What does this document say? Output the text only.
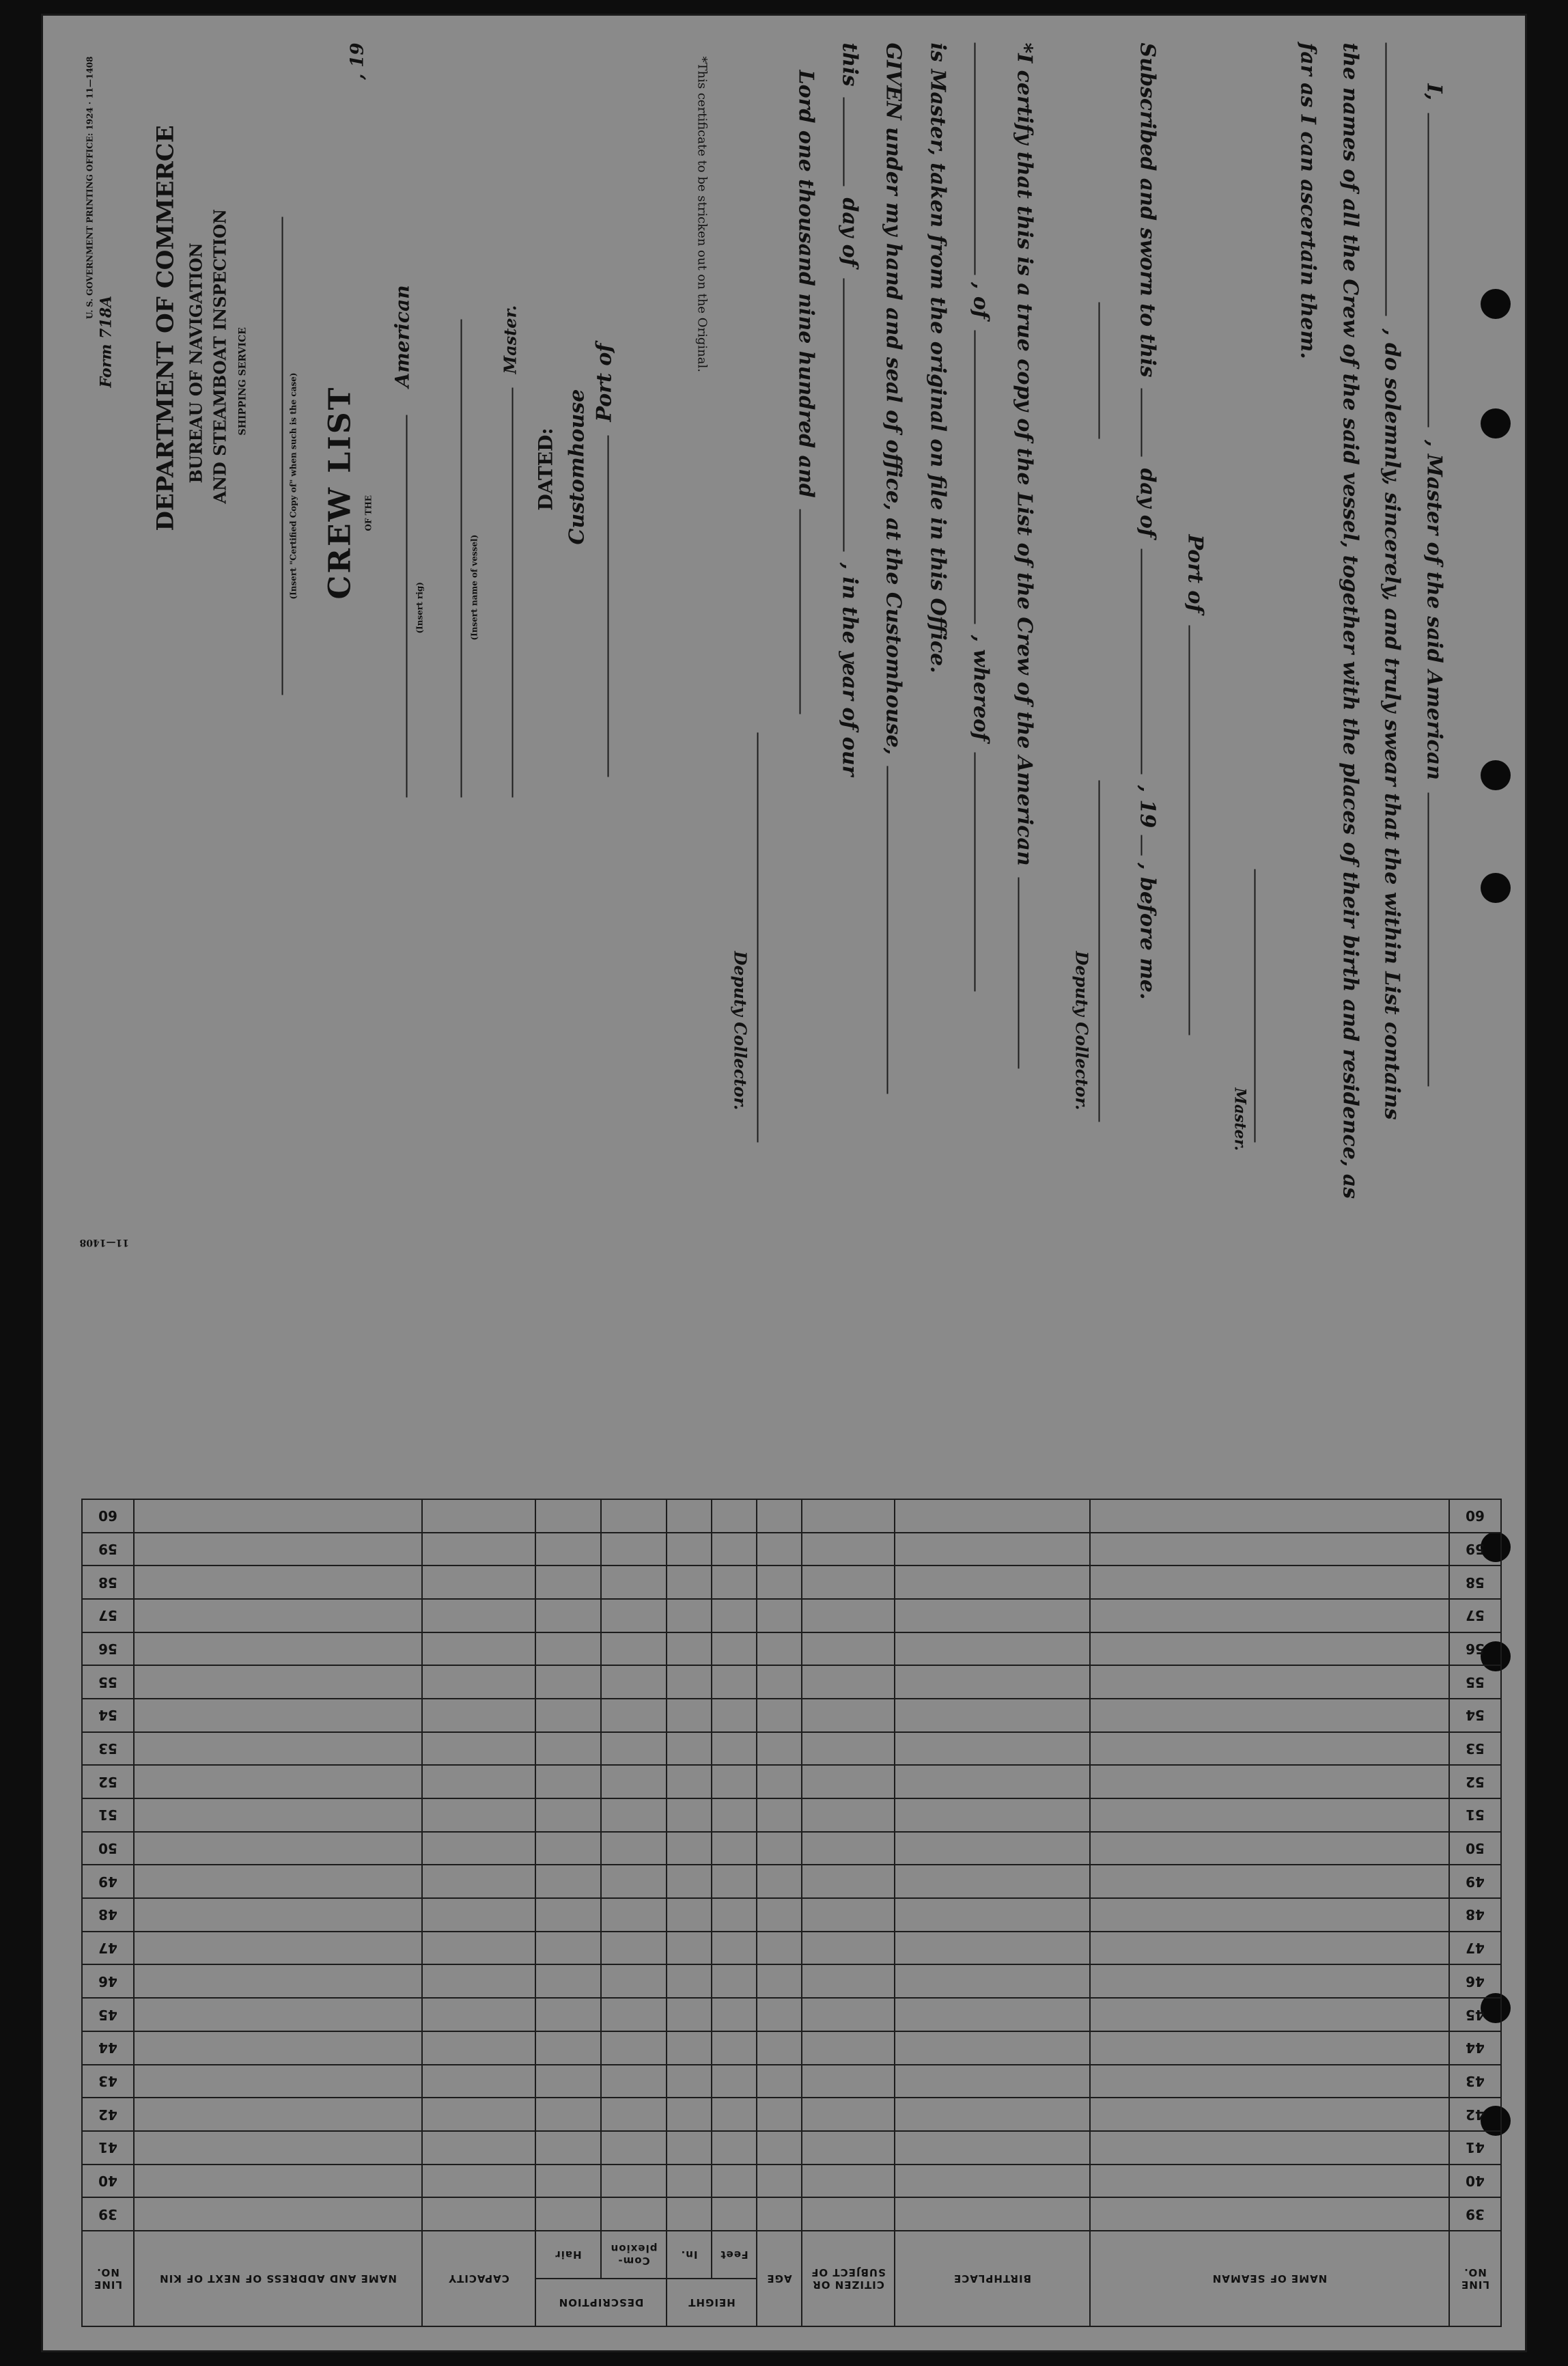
I,  , Master of the said American
, do solemnly, sincerely, and truly swear that the within List contains
the names of all the Crew of the said vessel, together with the places of their birth and residence, as
far as I can ascertain them.
Master.
Port of
Subscribed and sworn to this  day of  , 19  , before me.
Deputy Collector.
*I certify that this is a true copy of the List of the Crew of the American
, of  , whereof
is Master, taken from the original on file in this Office.
GIVEN under my hand and seal of office, at the Customhouse,
this  day of  , in the year of our
Lord one thousand nine hundred and
Deputy Collector.
*This certificate to be stricken out on the Original.
Form 718A DEPARTMENT OF COMMERCE BUREAU OF NAVIGATION AND STEAMBOAT INSPECTION SHIPPING SERVICE	(Insert "Certified Copy of" when such is the case) CREW LIST OF THE
American
(Insert rig)	(Insert name of vessel)
Master.
DATED: Customhouse
Port of
, 19
U. S. GOVERNMENT PRINTING OFFICE: 1924 · 11—1408
LINE NO.	NAME OF SEAMAN	BIRTHPLACE	CITIZEN OR SUBJECT OF	AGE	HEIGHT		DESCRIPTION		CAPACITY	NAME AND ADDRESS OF NEXT OF KIN	LINE NO.
					Feet	In.	Com- plexion	Hair			
39											39
40											40
41											41
42											42
43											43
44											44
45											45
46											46
47											47
48											48
49											49
50											50
51											51
52											52
53											53
54											54
55											55
56											56
57											57
58											58
59											59
60											60
11—1408
